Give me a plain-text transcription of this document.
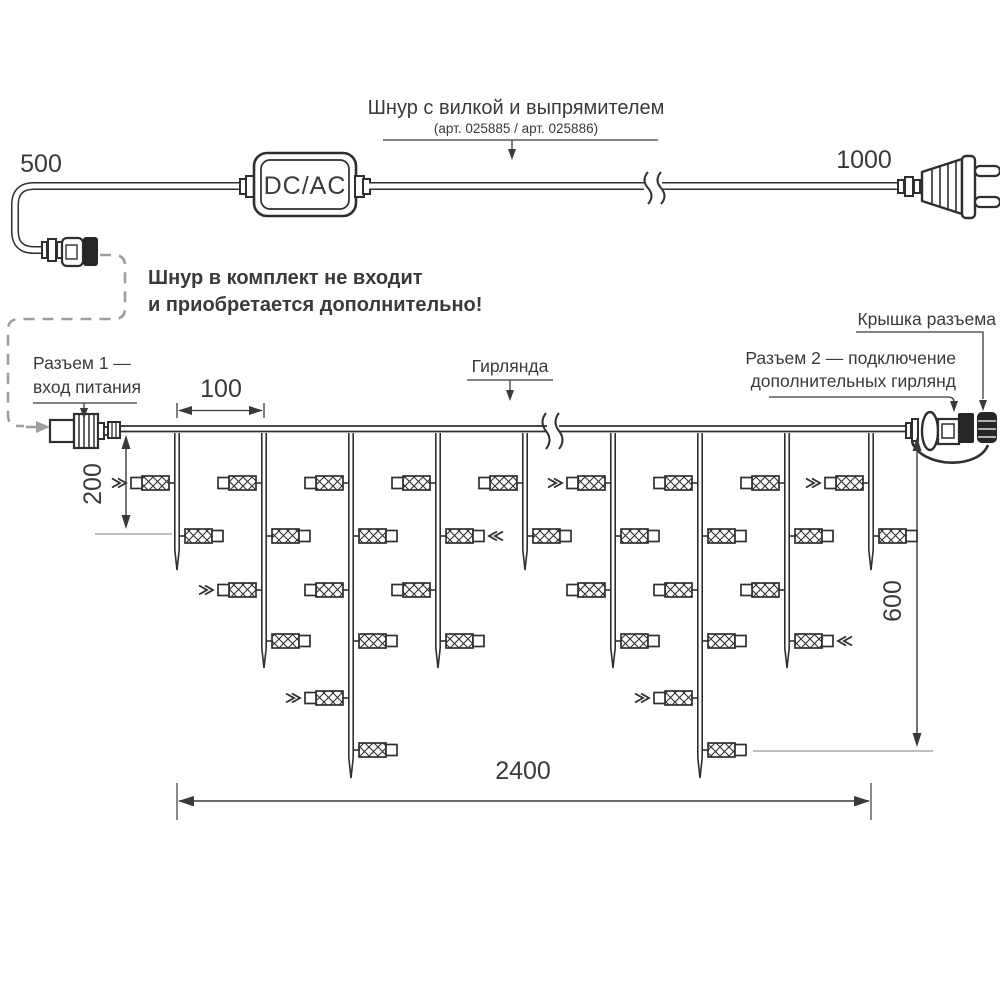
DC/AC
Шнур с вилкой и выпрямителем
(арт. 025885 / арт. 025886)
500	1000
Шнур в комплект не входит
и приобретается дополнительно!
Разъем 1 —
вход питания
Гирлянда
Крышка разъема
Разъем 2 — подключение
дополнительных гирлянд
100
200
600
2400
